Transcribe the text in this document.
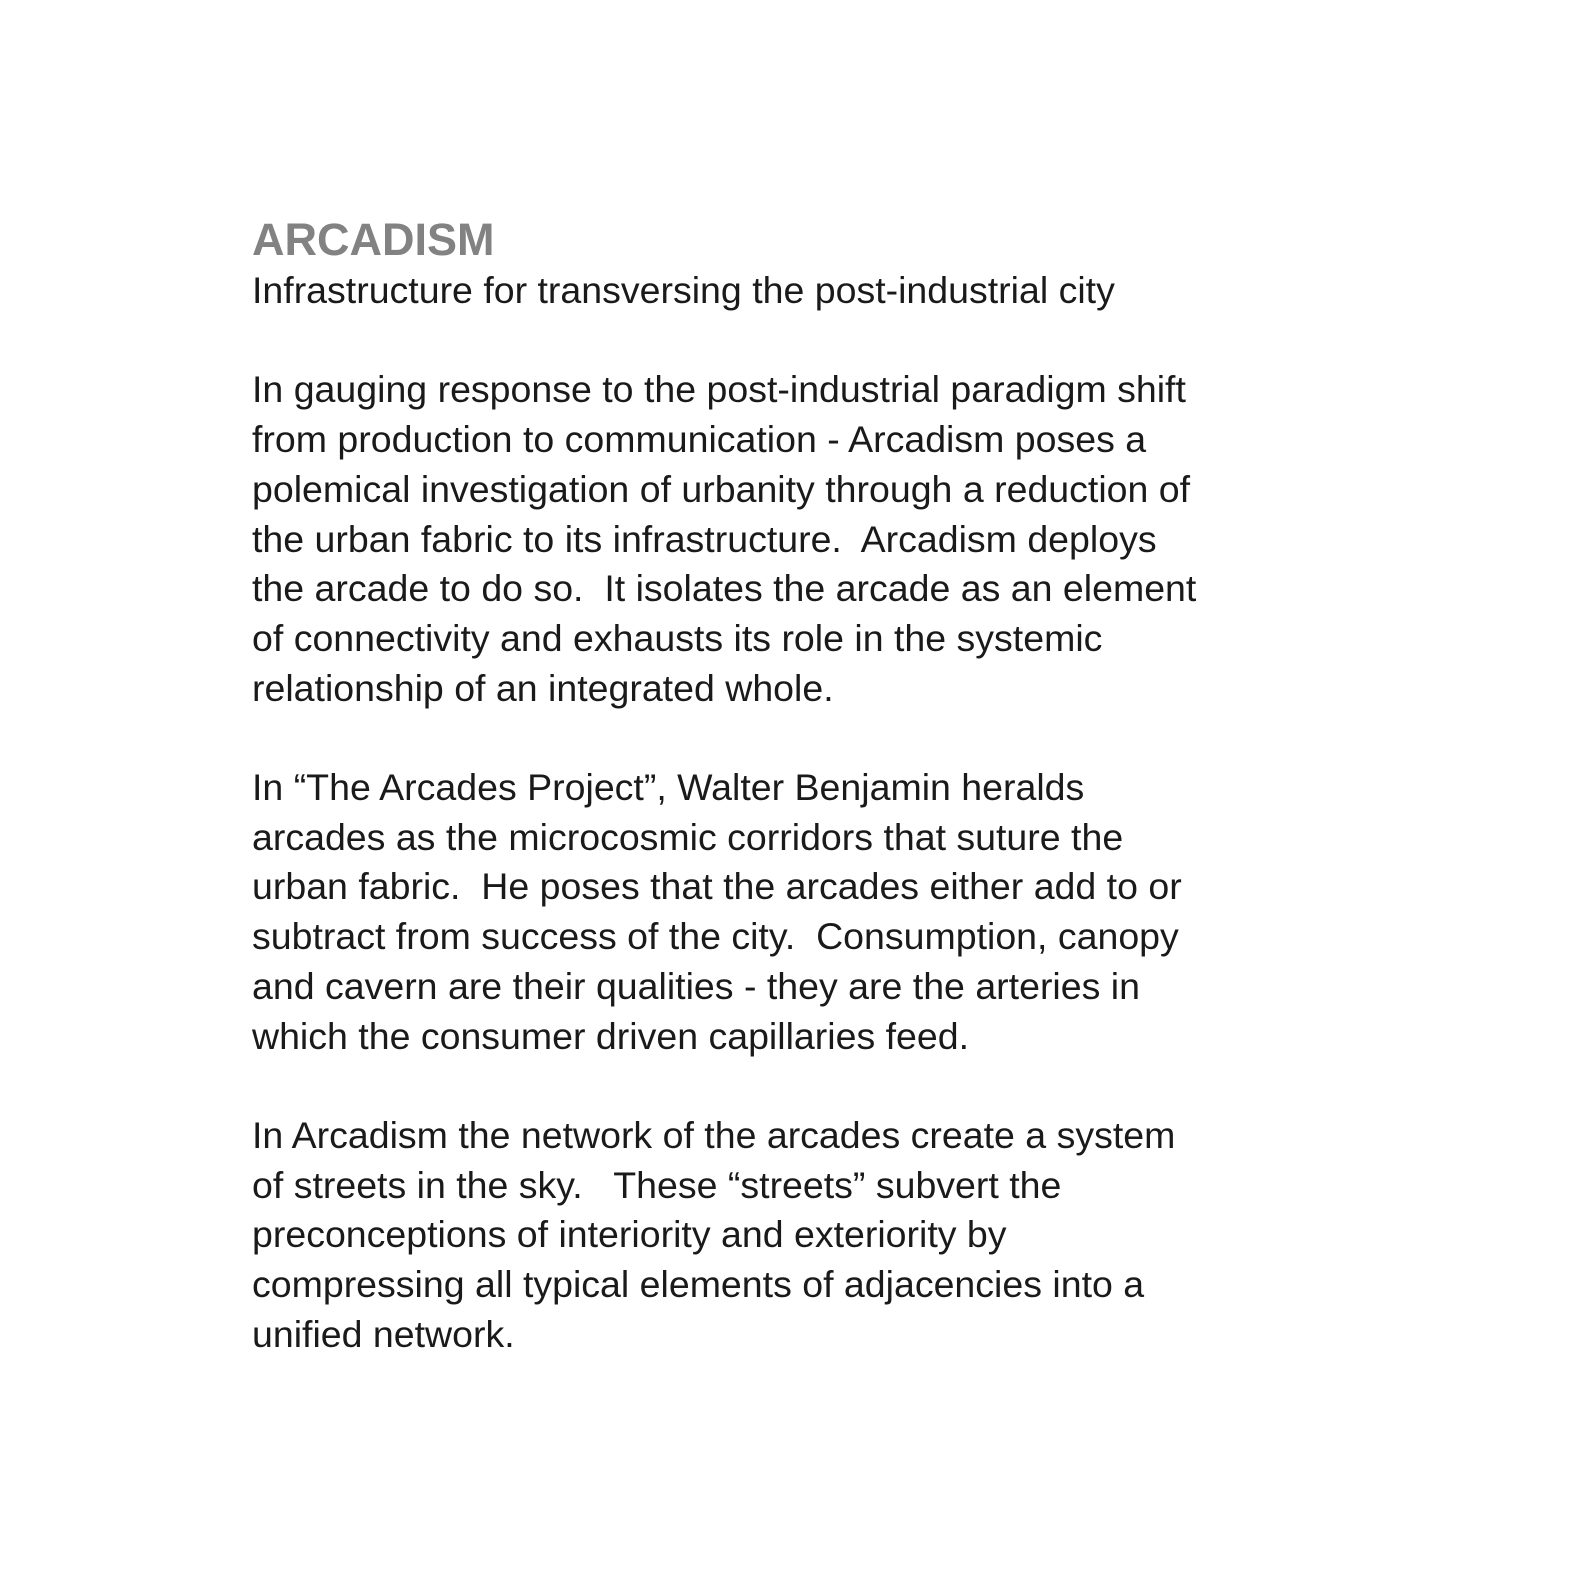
ARCADISM

Infrastructure for transversing the post-industrial city

In gauging response to the post-industrial paradigm shift
from production to communication - Arcadism poses a
polemical investigation of urbanity through a reduction of
the urban fabric to its infrastructure.  Arcadism deploys
the arcade to do so.  It isolates the arcade as an element
of connectivity and exhausts its role in the systemic
relationship of an integrated whole.
In “The Arcades Project”, Walter Benjamin heralds
arcades as the microcosmic corridors that suture the
urban fabric.  He poses that the arcades either add to or
subtract from success of the city.  Consumption, canopy
and cavern are their qualities - they are the arteries in
which the consumer driven capillaries feed.
In Arcadism the network of the arcades create a system
of streets in the sky.   These “streets” subvert the
preconceptions of interiority and exteriority by
compressing all typical elements of adjacencies into a
unified network.
